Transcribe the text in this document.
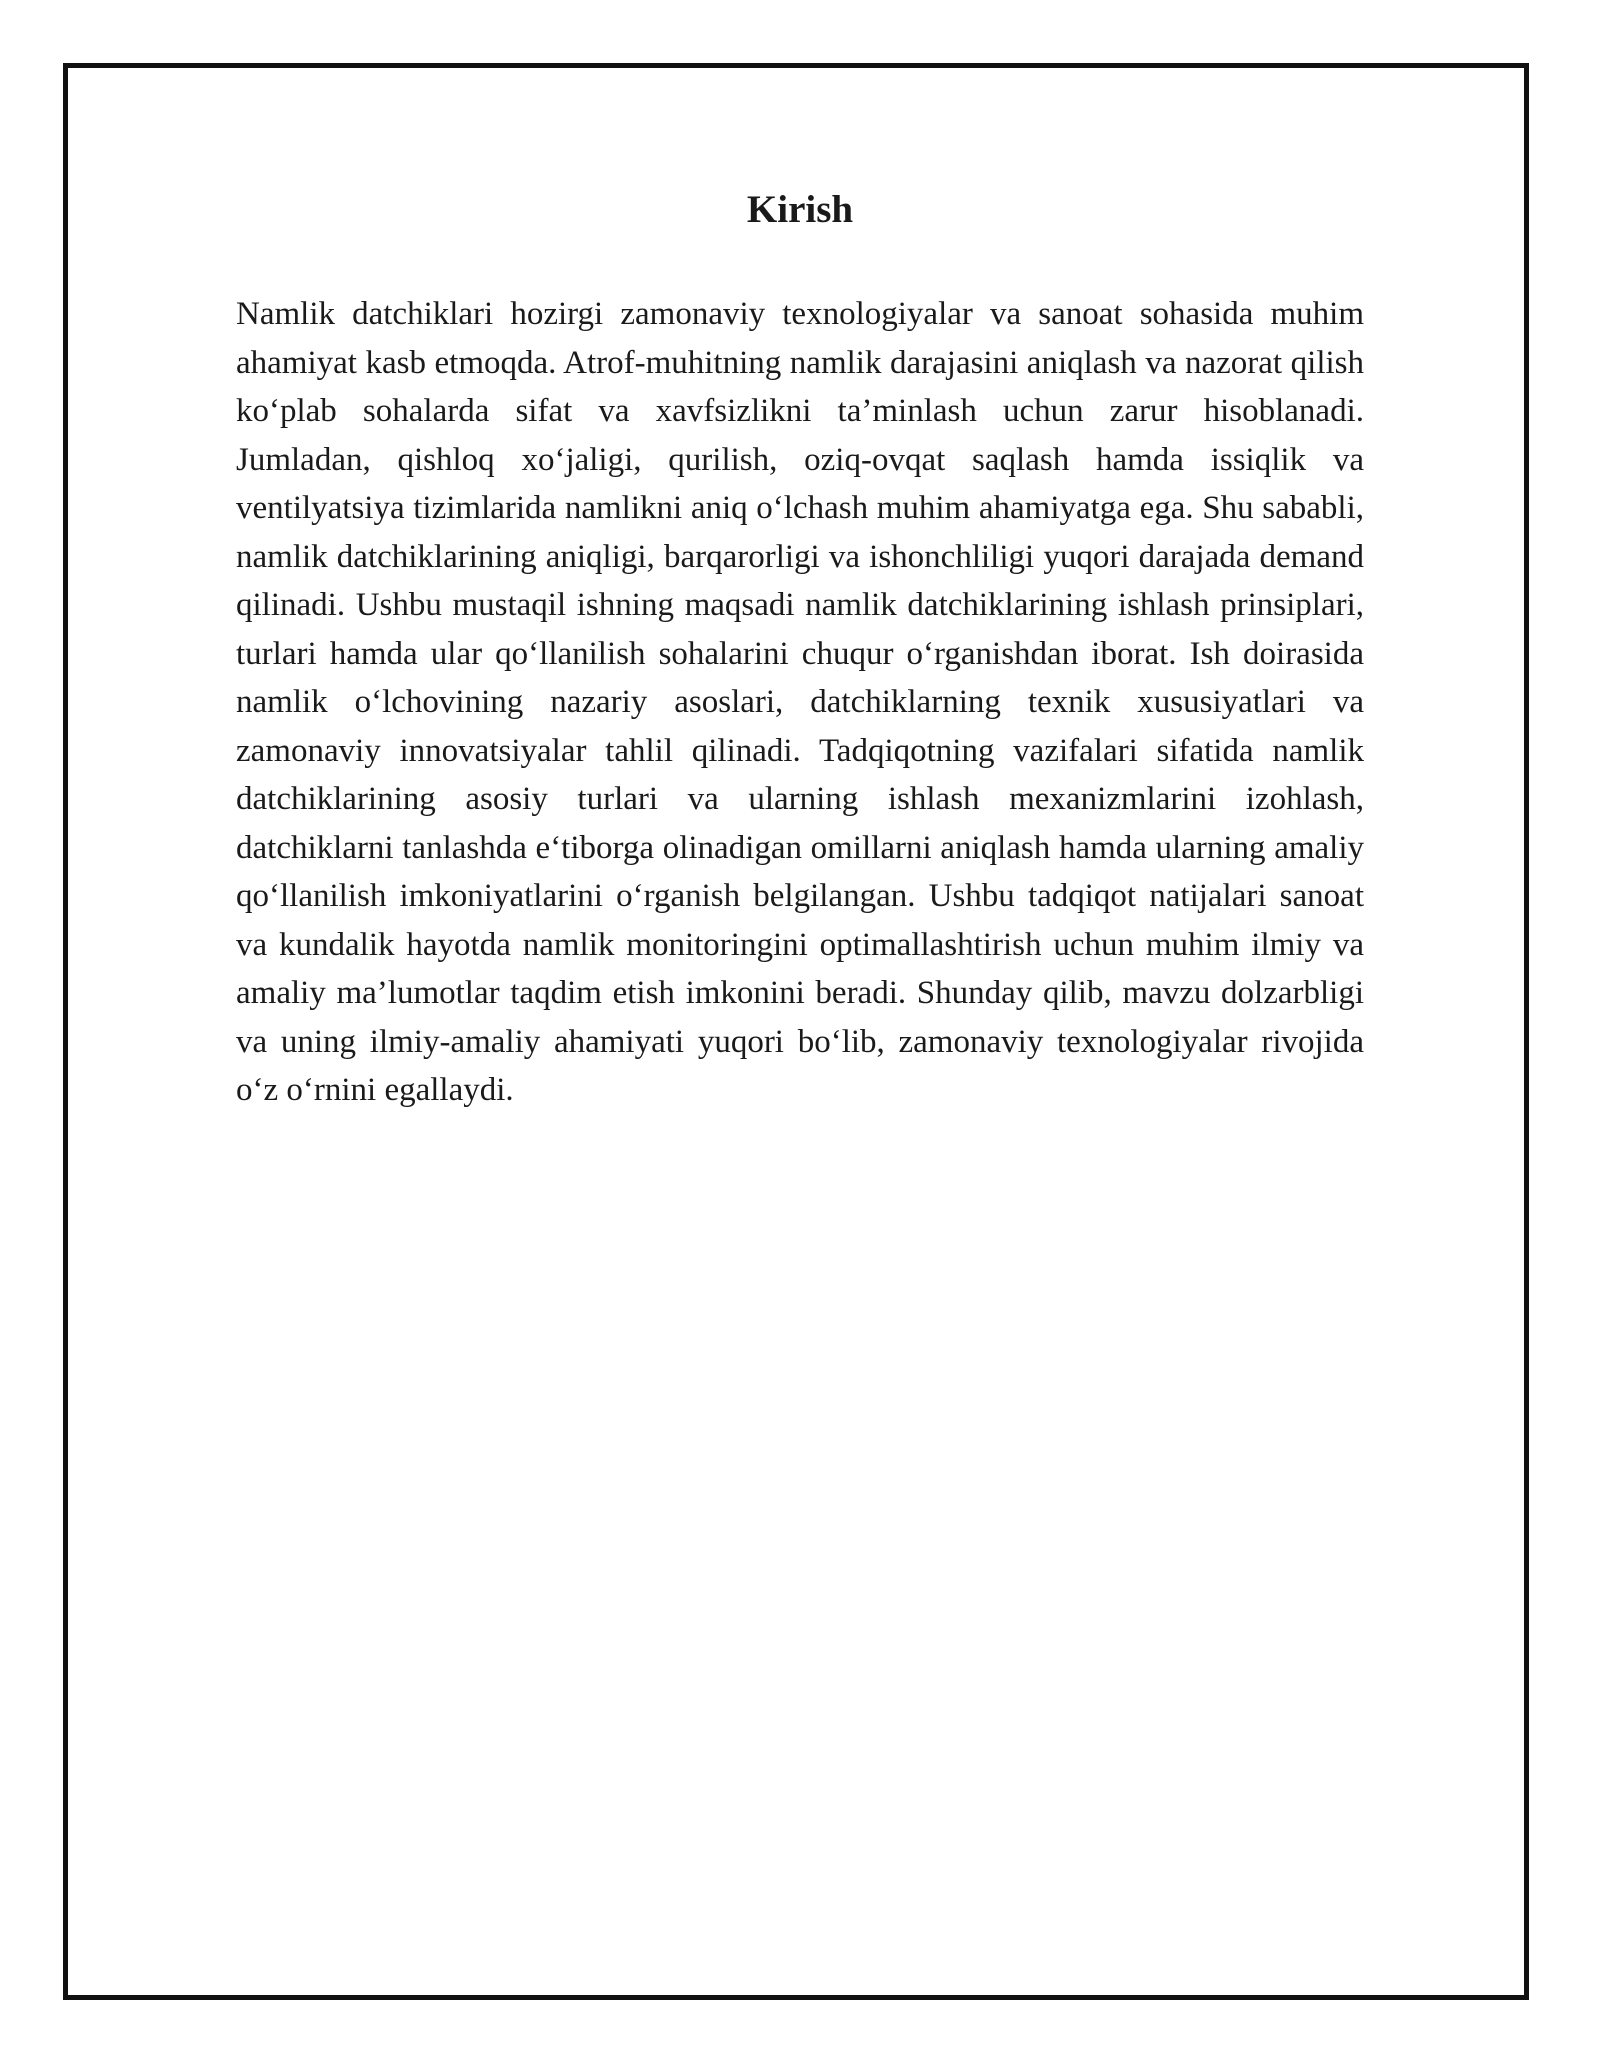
Kirish

Namlik datchiklari hozirgi zamonaviy texnologiyalar va sanoat sohasida muhim ahamiyat kasb etmoqda. Atrof-muhitning namlik darajasini aniqlash va nazorat qilish ko‘plab sohalarda sifat va xavfsizlikni ta’minlash uchun zarur hisoblanadi. Jumladan, qishloq xo‘jaligi, qurilish, oziq-ovqat saqlash hamda issiqlik va ventilyatsiya tizimlarida namlikni aniq o‘lchash muhim ahamiyatga ega. Shu sababli, namlik datchiklarining aniqligi, barqarorligi va ishonchliligi yuqori darajada demand qilinadi. Ushbu mustaqil ishning maqsadi namlik datchiklarining ishlash prinsiplari, turlari hamda ular qo‘llanilish sohalarini chuqur o‘rganishdan iborat. Ish doirasida namlik o‘lchovining nazariy asoslari, datchiklarning texnik xususiyatlari va zamonaviy innovatsiyalar tahlil qilinadi. Tadqiqotning vazifalari sifatida namlik datchiklarining asosiy turlari va ularning ishlash mexanizmlarini izohlash, datchiklarni tanlashda e‘tiborga olinadigan omillarni aniqlash hamda ularning amaliy qo‘llanilish imkoniyatlarini o‘rganish belgilangan. Ushbu tadqiqot natijalari sanoat va kundalik hayotda namlik monitoringini optimallashtirish uchun muhim ilmiy va amaliy ma’lumotlar taqdim etish imkonini beradi. Shunday qilib, mavzu dolzarbligi va uning ilmiy-amaliy ahamiyati yuqori bo‘lib, zamonaviy texnologiyalar rivojida o‘z o‘rnini egallaydi.
